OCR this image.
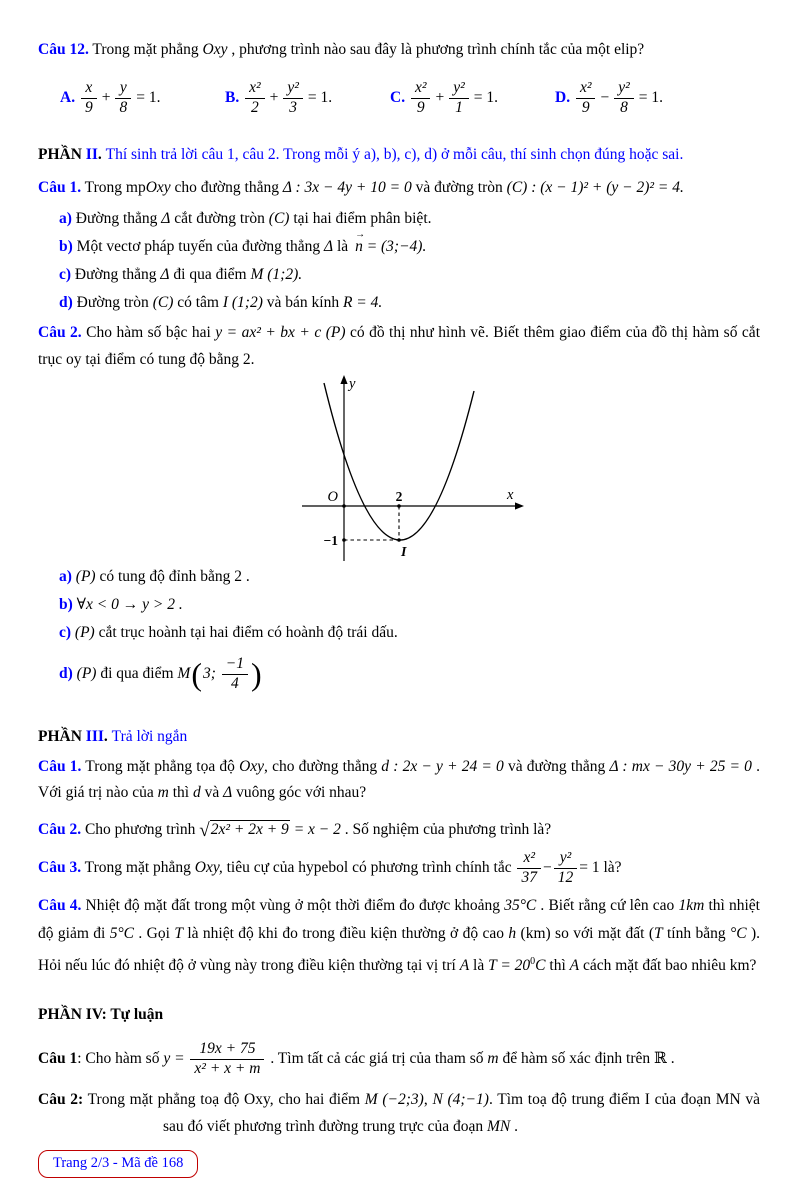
Câu 12. Trong mặt phẳng Oxy , phương trình nào sau đây là phương trình chính tắc của một elip?

A.
$\frac{x}{9} + \frac{y}{8} = 1$.	B.
$\frac{\text{x²}}{2} + \frac{\text{y²}}{3} = 1$.	C.
$\frac{\text{x²}}{9} + \frac{\text{y²}}{1} = 1$.	D.
$\frac{\text{x²}}{9} - \frac{\text{y²}}{8} = 1$.

PHẦN II. Thí sinh trả lời câu 1, câu 2. Trong mỗi ý a), b), c), d) ở mỗi câu, thí sinh chọn đúng hoặc sai.

Câu 1. Trong mpOxy cho đường thẳng Δ : 3x − 4y + 10 = 0 và đường tròn (C) : (x − 1)² + (y − 2)² = 4.

a) Đường thẳng Δ cắt đường tròn (C) tại hai điểm phân biệt.

b) Một vectơ pháp tuyến của đường thẳng Δ là
→
n = (3;−4).

c) Đường thẳng Δ đi qua điểm M (1;2).

d) Đường tròn (C) có tâm I (1;2) và bán kính R = 4.

Câu 2. Cho hàm số bậc hai y = ax² + bx + c (P) có đồ thị như hình vẽ. Biết thêm giao điểm của đồ thị hàm số cắt trục oy tại điểm có tung độ bằng 2.

y
x
O	2
−1
I

a) (P) có tung độ đỉnh bằng 2 .

b) ∀x < 0 → y > 2 .

c) (P) cắt trục hoành tại hai điểm có hoành độ trái dấu.

d) (P) đi qua điểm M(3; $\frac{-1}{4}$ )

PHẦN III. Trả lời ngắn

Câu 1. Trong mặt phẳng tọa độ Oxy, cho đường thẳng d : 2x − y + 24 = 0 và đường thẳng Δ : mx − 30y + 25 = 0 . Với giá trị nào của m thì d và Δ vuông góc với nhau?

Câu 2. Cho phương trình √2x² + 2x + 9 = x − 2 . Số nghiệm của phương trình là?

Câu 3. Trong mặt phẳng Oxy, tiêu cự của hypebol có phương trình chính tắc $\frac{\text{x²}}{37} - \frac{\text{y²}}{12} = 1$ là?

Câu 4. Nhiệt độ mặt đất trong một vùng ở một thời điểm đo được khoảng 35°C . Biết rằng cứ lên cao 1km thì nhiệt độ giảm đi 5°C . Gọi T là nhiệt độ khi đo trong điều kiện thường ở độ cao h (km) so với mặt đất (T tính bằng °C ). Hỏi nếu lúc đó nhiệt độ ở vùng này trong điều kiện thường tại vị trí A là $T = 20^0C$ thì A cách mặt đất bao nhiêu km?

PHẦN IV: Tự luận

Câu 1: Cho hàm số $y = \frac{19x + 75}{\text{x² + x + m}}$ . Tìm tất cả các giá trị của tham số m để hàm số xác định trên ℝ .

Câu 2: Trong mặt phẳng toạ độ Oxy, cho hai điểm M (−2;3), N (4;−1). Tìm toạ độ trung điểm I của đoạn MN và sau đó viết phương trình đường trung trực của đoạn MN .

Trang 2/3 - Mã đề 168
